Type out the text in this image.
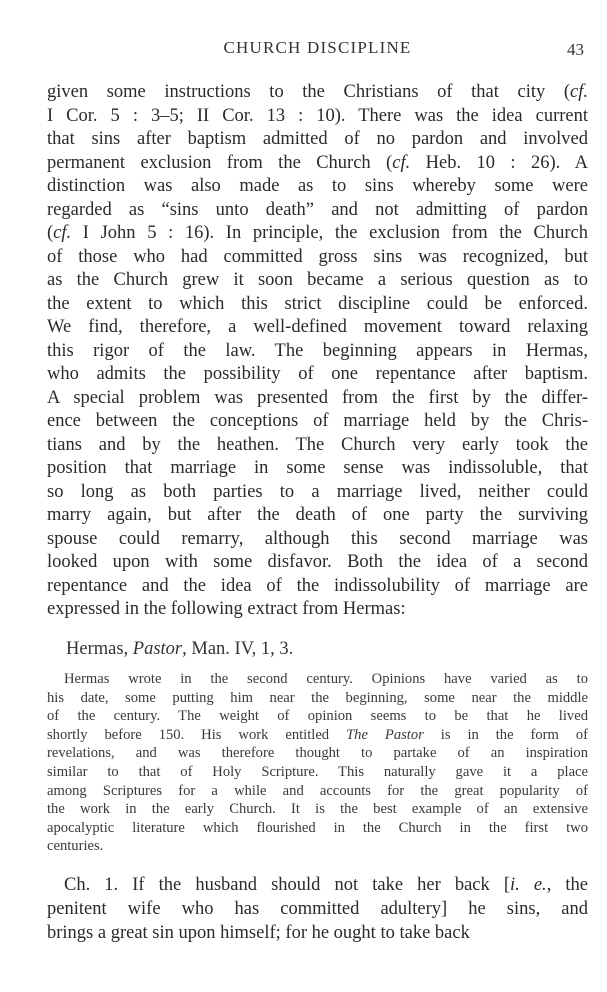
CHURCH DISCIPLINE	43
given some instructions to the Christians of that city (cf.
I Cor. 5 : 3–5; II Cor. 13 : 10). There was the idea current
that sins after baptism admitted of no pardon and involved
permanent exclusion from the Church (cf. Heb. 10 : 26). A
distinction was also made as to sins whereby some were
regarded as “sins unto death” and not admitting of pardon
(cf. I John 5 : 16). In principle, the exclusion from the Church
of those who had committed gross sins was recognized, but
as the Church grew it soon became a serious question as to
the extent to which this strict discipline could be enforced.
We find, therefore, a well-defined movement toward relaxing
this rigor of the law. The beginning appears in Hermas,
who admits the possibility of one repentance after baptism.
A special problem was presented from the first by the differ-
ence between the conceptions of marriage held by the Chris-
tians and by the heathen. The Church very early took the
position that marriage in some sense was indissoluble, that
so long as both parties to a marriage lived, neither could
marry again, but after the death of one party the surviving
spouse could remarry, although this second marriage was
looked upon with some disfavor. Both the idea of a second
repentance and the idea of the indissolubility of marriage are
expressed in the following extract from Hermas:
Hermas, Pastor, Man. IV, 1, 3.
Hermas wrote in the second century. Opinions have varied as to
his date, some putting him near the beginning, some near the middle
of the century. The weight of opinion seems to be that he lived
shortly before 150. His work entitled The Pastor is in the form of
revelations, and was therefore thought to partake of an inspiration
similar to that of Holy Scripture. This naturally gave it a place
among Scriptures for a while and accounts for the great popularity of
the work in the early Church. It is the best example of an extensive
apocalyptic literature which flourished in the Church in the first two
centuries.
Ch. 1. If the husband should not take her back [i. e., the
penitent wife who has committed adultery] he sins, and
brings a great sin upon himself; for he ought to take back
